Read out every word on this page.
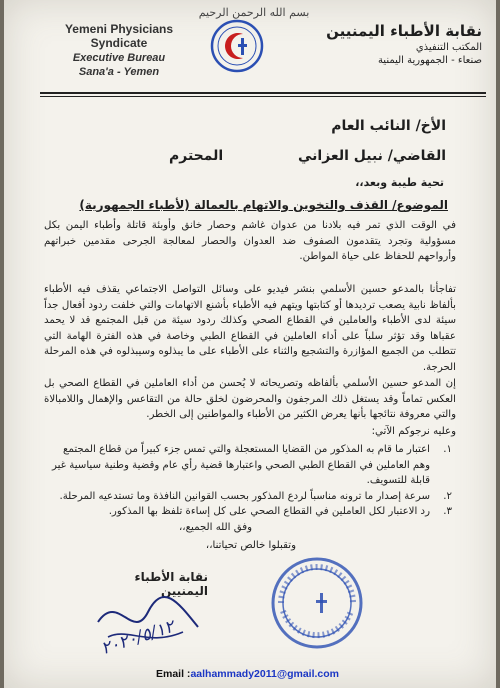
بسم الله الرحمن الرحيم
Yemeni Physicians Syndicate
Executive Bureau
Sana'a - Yemen
نقابة الأطباء اليمنيين
المكتب التنفيذي
صنعاء - الجمهورية اليمنية
الأخ/ النائب العام
القاضي/ نبيل العزاني
المحترم
تحية طيبة وبعد،،
الموضوع/ القذف والتخوين والاتهام بالعمالة (لأطباء الجمهورية)
في الوقت الذي تمر فيه بلادنا من عدوان غاشم وحصار خانق وأوبئة قاتلة وأطباء اليمن بكل مسؤولية وتجرد يتقدمون الصفوف ضد العدوان والحصار لمعالجة الجرحى مقدمين خبراتهم وأرواحهم للحفاظ على حياة المواطن.
تفاجأنا بالمدعو حسين الأسلمي بنشر فيديو على وسائل التواصل الاجتماعي يقذف فيه الأطباء بألفاظ نابية يصعب ترديدها أو كتابتها ويتهم فيه الأطباء بأشنع الاتهامات والتي خلفت ردود أفعال جداً سيئة لدى الأطباء والعاملين في القطاع الصحي وكذلك ردود سيئة من قبل المجتمع قد لا يحمد عقباها وقد تؤثر سلباً على أداء العاملين في القطاع الطبي وخاصة في هذه الفترة الهامة التي تتطلب من الجميع المؤازرة والتشجيع والثناء على الأطباء على ما يبذلوه وسيبذلوه في هذه المرحلة الحرجة.
إن المدعو حسين الأسلمي بألفاظه وتصريحاته لا يُحسن من أداء العاملين في القطاع الصحي بل العكس تماماً وقد يستغل ذلك المرجفون والمحرضون لخلق حالة من التقاعس والإهمال واللامبالاة والتي معروفة نتائجها بأنها يعرض الكثير من الأطباء والمواطنين إلى الخطر.
وعليه نرجوكم الآتي:
١.
اعتبار ما قام به المذكور من القضايا المستعجلة والتي تمس جزء كبيراً من قطاع المجتمع وهم العاملين في القطاع الطبي الصحي واعتبارها قضية رأي عام وقضية وطنية سياسية غير قابلة للتسويف.
٢.
سرعة إصدار ما ترونه مناسباً لردع المذكور بحسب القوانين النافذة وما تستدعيه المرحلة.
٣.
رد الاعتبار لكل العاملين في القطاع الصحي على كل إساءة تلفظ بها المذكور.
وفق الله الجميع،،
وتقبلوا خالص تحياتنا،،
نقابة الأطباء اليمنيين
٢٠٢٠/٥/١٢
Email :aalhammady2011@gmail.com
